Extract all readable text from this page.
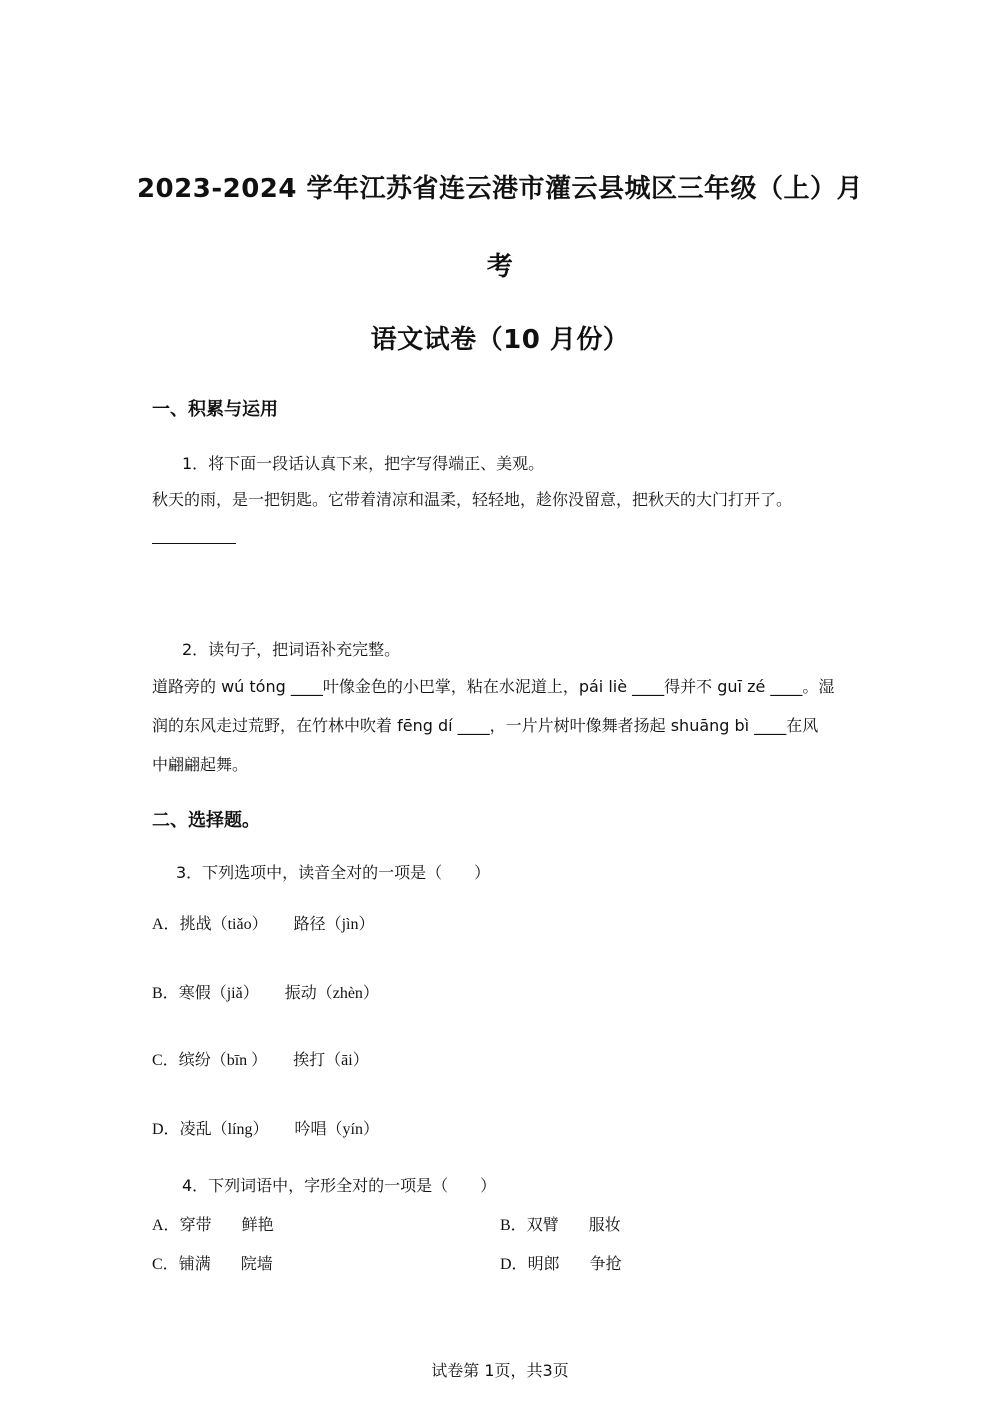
2023-2024 学年江苏省连云港市灌云县城区三年级（上）月
考
语文试卷（10 月份）
一、积累与运用
1．将下面一段话认真下来，把字写得端正、美观。
秋天的雨，是一把钥匙。它带着清凉和温柔，轻轻地，趁你没留意，把秋天的大门打开了。
2．读句子，把词语补充完整。
道路旁的 wú tóng ____叶像金色的小巴掌，粘在水泥道上，pái liè ____得并不 guī zé ____。湿
润的东风走过荒野，在竹林中吹着 fēng dí ____，一片片树叶像舞者扬起 shuāng bì ____在风
中翩翩起舞。
二、选择题。
3．下列选项中，读音全对的一项是（　　）
A．挑战（tiǎo） 路径（jìn）
B．寒假（jiǎ） 振动（zhèn）
C．缤纷（bīn ） 挨打（āi）
D．凌乱（líng） 吟唱（yín）
4．下列词语中，字形全对的一项是（　　）
A．穿带 鲜艳	B．双臂 服妆
C．铺满 院墙	D．明郎 争抢
试卷第 1页，共3页
